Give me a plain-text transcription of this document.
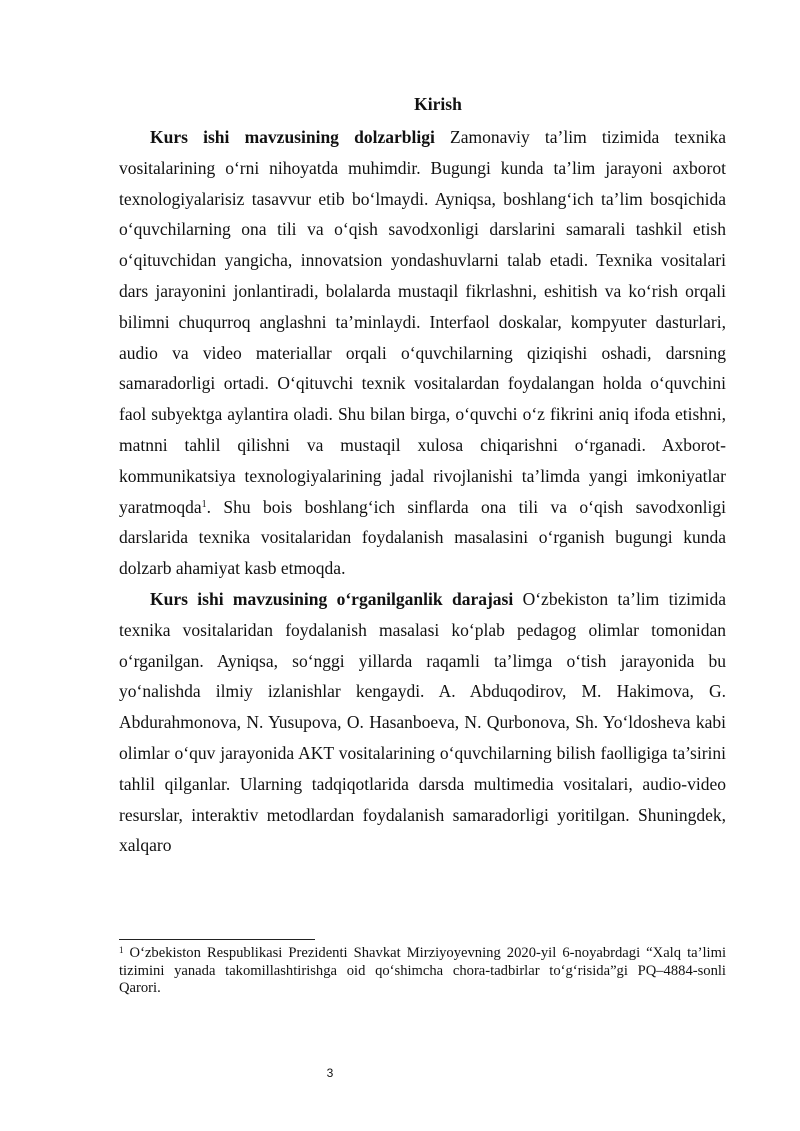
Kirish

Kurs ishi mavzusining dolzarbligi Zamonaviy ta’lim tizimida texnika vositalarining o‘rni nihoyatda muhimdir. Bugungi kunda ta’lim jarayoni axborot texnologiyalarisiz tasavvur etib bo‘lmaydi. Ayniqsa, boshlang‘ich ta’lim bosqichida o‘quvchilarning ona tili va o‘qish savodxonligi darslarini samarali tashkil etish o‘qituvchidan yangicha, innovatsion yondashuvlarni talab etadi. Texnika vositalari dars jarayonini jonlantiradi, bolalarda mustaqil fikrlashni, eshitish va ko‘rish orqali bilimni chuqurroq anglashni ta’minlaydi. Interfaol doskalar, kompyuter dasturlari, audio va video materiallar orqali o‘quvchilarning qiziqishi oshadi, darsning samaradorligi ortadi. O‘qituvchi texnik vositalardan foydalangan holda o‘quvchini faol subyektga aylantira oladi. Shu bilan birga, o‘quvchi o‘z fikrini aniq ifoda etishni, matnni tahlil qilishni va mustaqil xulosa chiqarishni o‘rganadi. Axborot-kommunikatsiya texnologiyalarining jadal rivojlanishi ta’limda yangi imkoniyatlar yaratmoqda$^1$. Shu bois boshlang‘ich sinflarda ona tili va o‘qish savodxonligi darslarida texnika vositalaridan foydalanish masalasini o‘rganish bugungi kunda dolzarb ahamiyat kasb etmoqda.

Kurs ishi mavzusining o‘rganilganlik darajasi O‘zbekiston ta’lim tizimida texnika vositalaridan foydalanish masalasi ko‘plab pedagog olimlar tomonidan o‘rganilgan. Ayniqsa, so‘nggi yillarda raqamli ta’limga o‘tish jarayonida bu yo‘nalishda ilmiy izlanishlar kengaydi. A. Abduqodirov, M. Hakimova, G. Abdurahmonova, N. Yusupova, O. Hasanboeva, N. Qurbonova, Sh. Yo‘ldosheva kabi olimlar o‘quv jarayonida AKT vositalarining o‘quvchilarning bilish faolligiga ta’sirini tahlil qilganlar. Ularning tadqiqotlarida darsda multimedia vositalari, audio-video resurslar, interaktiv metodlardan foydalanish samaradorligi yoritilgan. Shuningdek, xalqaro

$^1$ O‘zbekiston Respublikasi Prezidenti Shavkat Mirziyoyevning 2020-yil 6-noyabrdagi “Xalq ta’limi tizimini yanada takomillashtirishga oid qo‘shimcha chora-tadbirlar to‘g‘risida”gi PQ–4884-sonli Qarori.
3
